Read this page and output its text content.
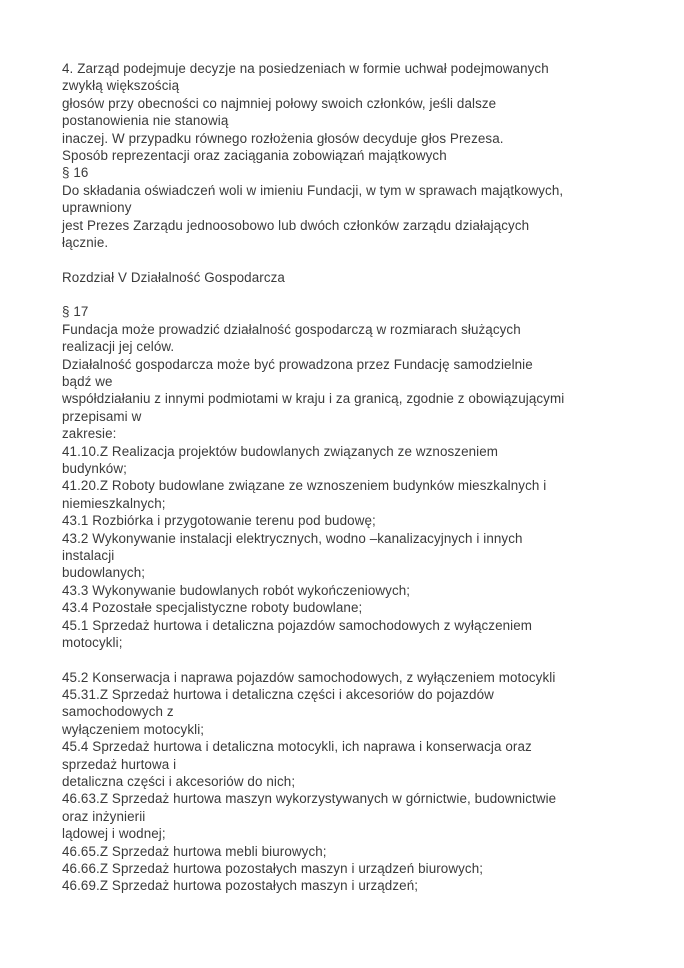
4. Zarząd podejmuje decyzje na posiedzeniach w formie uchwał podejmowanych
zwykłą większością
głosów przy obecności co najmniej połowy swoich członków, jeśli dalsze
postanowienia nie stanowią
inaczej. W przypadku równego rozłożenia głosów decyduje głos Prezesa.
Sposób reprezentacji oraz zaciągania zobowiązań majątkowych
§ 16
Do składania oświadczeń woli w imieniu Fundacji, w tym w sprawach majątkowych,
uprawniony
jest Prezes Zarządu jednoosobowo lub dwóch członków zarządu działających
łącznie.

Rozdział V Działalność Gospodarcza

§ 17
Fundacja może prowadzić działalność gospodarczą w rozmiarach służących
realizacji jej celów.
Działalność gospodarcza może być prowadzona przez Fundację samodzielnie
bądź we
współdziałaniu z innymi podmiotami w kraju i za granicą, zgodnie z obowiązującymi
przepisami w
zakresie:
41.10.Z Realizacja projektów budowlanych związanych ze wznoszeniem
budynków;
41.20.Z Roboty budowlane związane ze wznoszeniem budynków mieszkalnych i
niemieszkalnych;
43.1 Rozbiórka i przygotowanie terenu pod budowę;
43.2 Wykonywanie instalacji elektrycznych, wodno –kanalizacyjnych i innych
instalacji
budowlanych;
43.3 Wykonywanie budowlanych robót wykończeniowych;
43.4 Pozostałe specjalistyczne roboty budowlane;
45.1 Sprzedaż hurtowa i detaliczna pojazdów samochodowych z wyłączeniem
motocykli;

45.2 Konserwacja i naprawa pojazdów samochodowych, z wyłączeniem motocykli
45.31.Z Sprzedaż hurtowa i detaliczna części i akcesoriów do pojazdów
samochodowych z
wyłączeniem motocykli;
45.4 Sprzedaż hurtowa i detaliczna motocykli, ich naprawa i konserwacja oraz
sprzedaż hurtowa i
detaliczna części i akcesoriów do nich;
46.63.Z Sprzedaż hurtowa maszyn wykorzystywanych w górnictwie, budownictwie
oraz inżynierii
lądowej i wodnej;
46.65.Z Sprzedaż hurtowa mebli biurowych;
46.66.Z Sprzedaż hurtowa pozostałych maszyn i urządzeń biurowych;
46.69.Z Sprzedaż hurtowa pozostałych maszyn i urządzeń;
